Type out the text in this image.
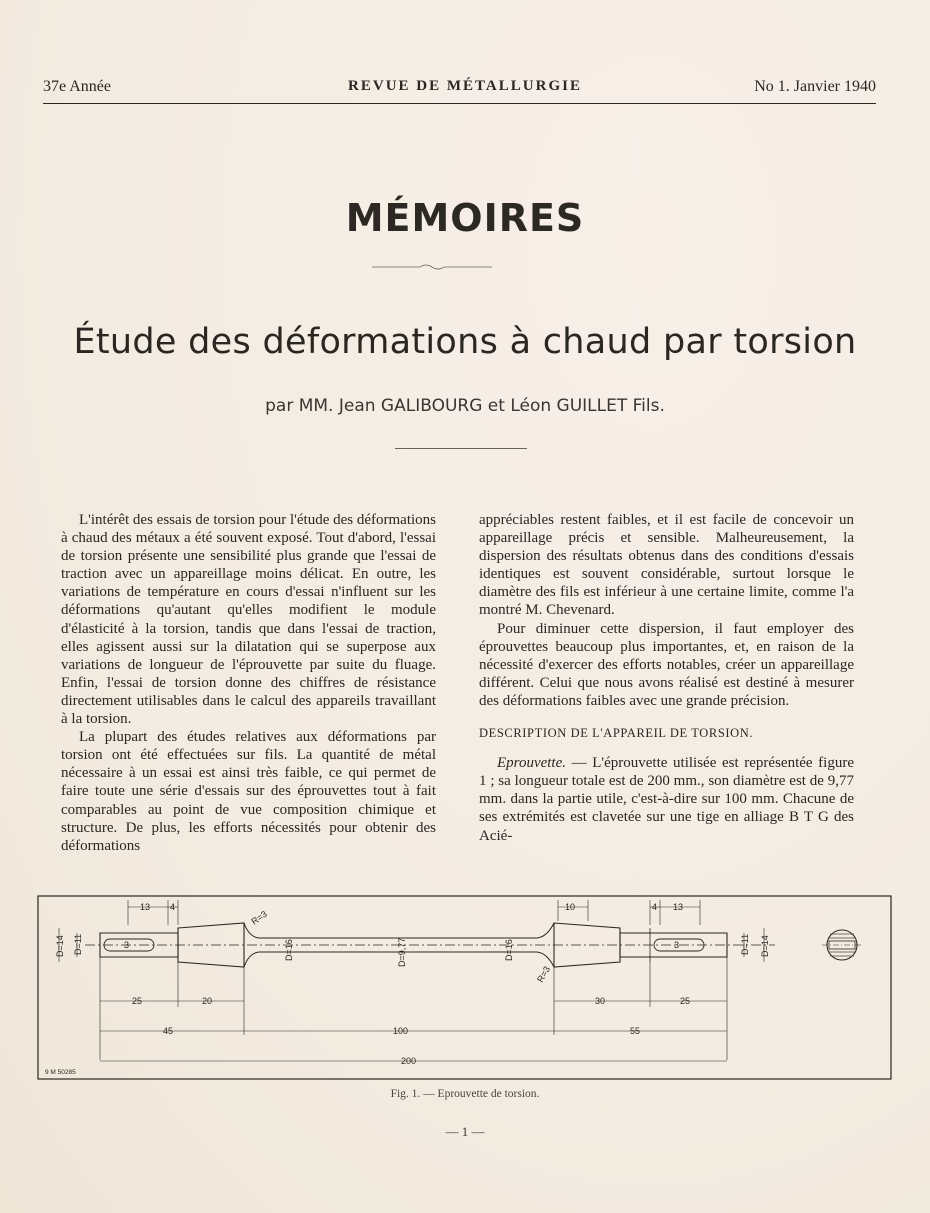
37e Année	REVUE DE MÉTALLURGIE	No 1. Janvier 1940
MÉMOIRES
Étude des déformations à chaud par torsion
par MM. Jean GALIBOURG et Léon GUILLET Fils.

L'intérêt des essais de torsion pour l'étude des déformations à chaud des métaux a été souvent exposé. Tout d'abord, l'essai de torsion présente une sensibilité plus grande que l'essai de traction avec un appareillage moins délicat. En outre, les variations de température en cours d'essai n'influent sur les déformations qu'autant qu'elles modifient le module d'élasticité à la torsion, tandis que dans l'essai de traction, elles agissent aussi sur la dilatation qui se superpose aux variations de longueur de l'éprouvette par suite du fluage. Enfin, l'essai de torsion donne des chiffres de résistance directement utilisables dans le calcul des appareils travaillant à la torsion.

La plupart des études relatives aux déformations par torsion ont été effectuées sur fils. La quantité de métal nécessaire à un essai est ainsi très faible, ce qui permet de faire toute une série d'essais sur des éprouvettes tout à fait comparables au point de vue composition chimique et structure. De plus, les efforts nécessités pour obtenir des déformations

appréciables restent faibles, et il est facile de concevoir un appareillage précis et sensible. Malheureusement, la dispersion des résultats obtenus dans des conditions d'essais identiques est souvent considérable, surtout lorsque le diamètre des fils est inférieur à une certaine limite, comme l'a montré M. Chevenard.

Pour diminuer cette dispersion, il faut employer des éprouvettes beaucoup plus importantes, et, en raison de la nécessité d'exercer des efforts notables, créer un appareillage différent. Celui que nous avons réalisé est destiné à mesurer des déformations faibles avec une grande précision.

DESCRIPTION DE L'APPAREIL DE TORSION.

Eprouvette. — L'éprouvette utilisée est représentée figure 1 ; sa longueur totale est de 200 mm., son diamètre est de 9,77 mm. dans la partie utile, c'est-à-dire sur 100 mm. Chacune de ses extrémités est clavetée sur une tige en alliage B T G des Acié-

3	3
D=14 D=11	D=16	D=9,77	D=16	D=11 D=14
R=3
R=3
13 4	10	4 13
25	20	30	25
45	100	55
200
9 M 50285
Fig. 1. — Eprouvette de torsion.
— 1 —
